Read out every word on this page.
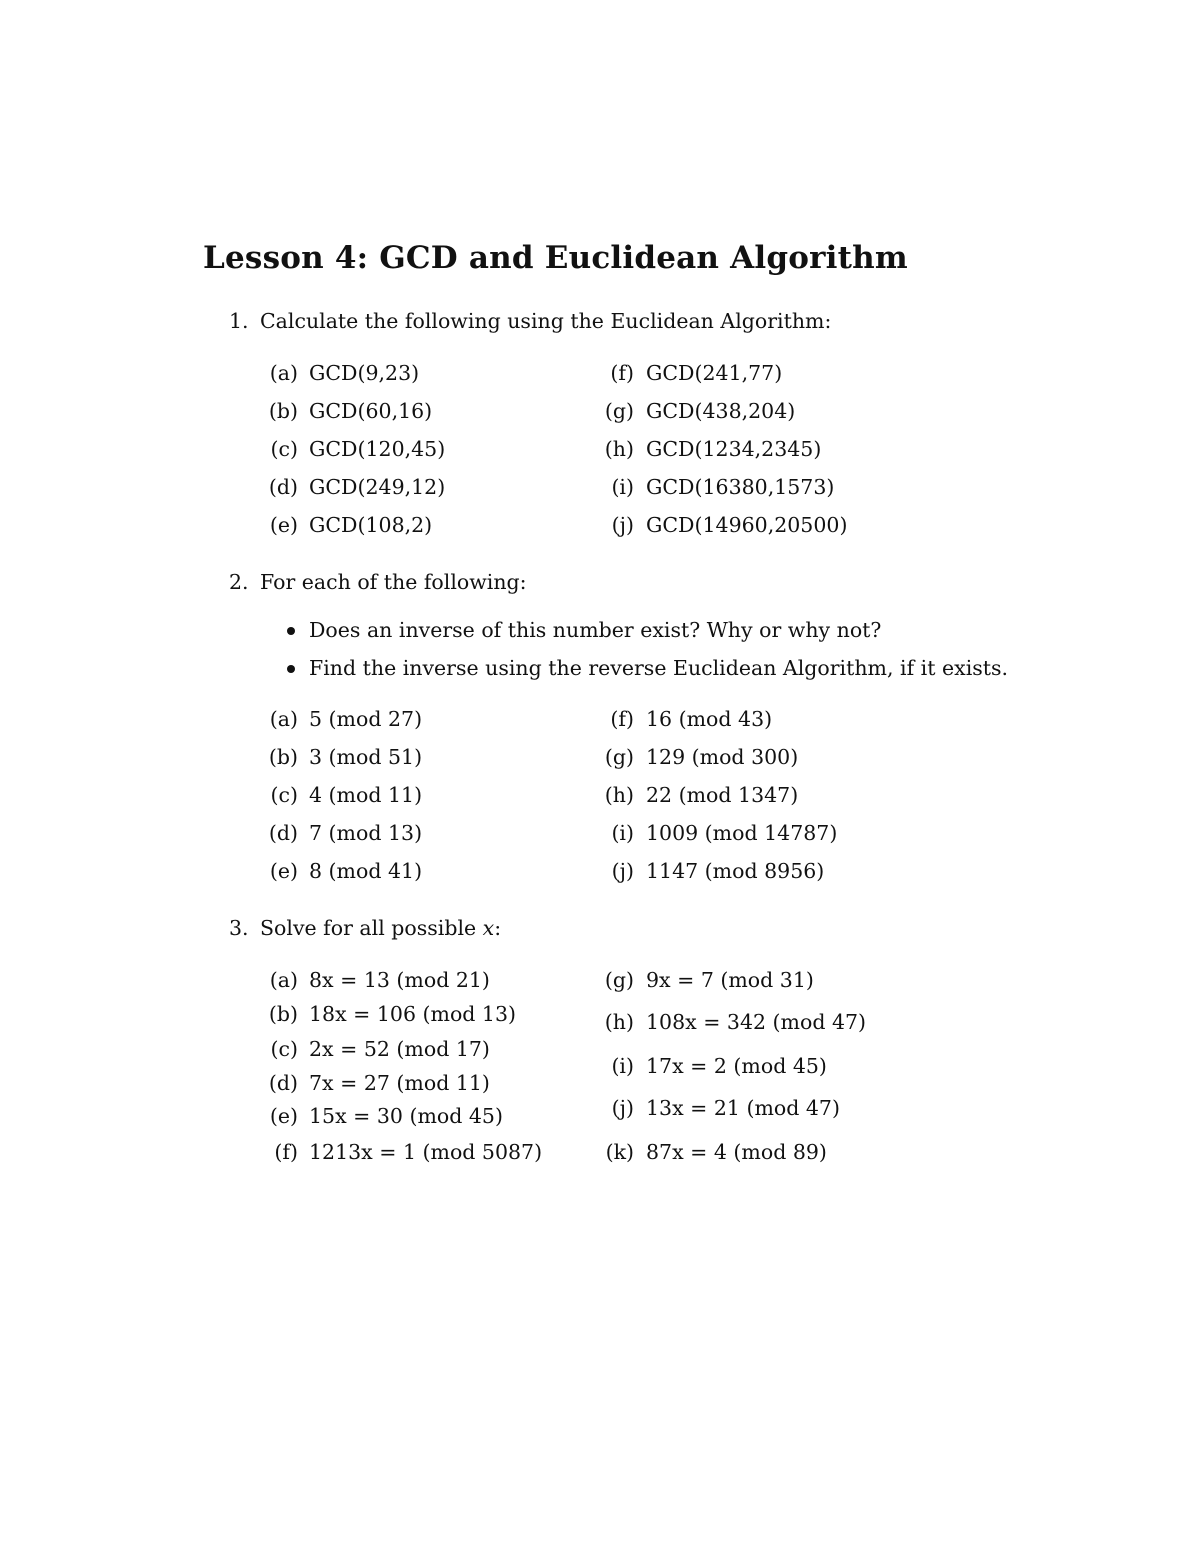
Lesson 4: GCD and Euclidean Algorithm
1. Calculate the following using the Euclidean Algorithm:
(a) GCD(9,23)
(b) GCD(60,16)
(c) GCD(120,45)
(d) GCD(249,12)
(e) GCD(108,2)
(f) GCD(241,77)
(g) GCD(438,204)
(h) GCD(1234,2345)
(i) GCD(16380,1573)
(j) GCD(14960,20500)
2. For each of the following:
Does an inverse of this number exist? Why or why not?
Find the inverse using the reverse Euclidean Algorithm, if it exists.
(a) 5 (mod 27)
(b) 3 (mod 51)
(c) 4 (mod 11)
(d) 7 (mod 13)
(e) 8 (mod 41)
(f) 16 (mod 43)
(g) 129 (mod 300)
(h) 22 (mod 1347)
(i) 1009 (mod 14787)
(j) 1147 (mod 8956)
3. Solve for all possible x:
(a) 8x = 13 (mod 21)
(b) 18x = 106 (mod 13)
(c) 2x = 52 (mod 17)
(d) 7x = 27 (mod 11)
(e) 15x = 30 (mod 45)
(f) 1213x = 1 (mod 5087)
(g) 9x = 7 (mod 31)
(h) 108x = 342 (mod 47)
(i) 17x = 2 (mod 45)
(j) 13x = 21 (mod 47)
(k) 87x = 4 (mod 89)
